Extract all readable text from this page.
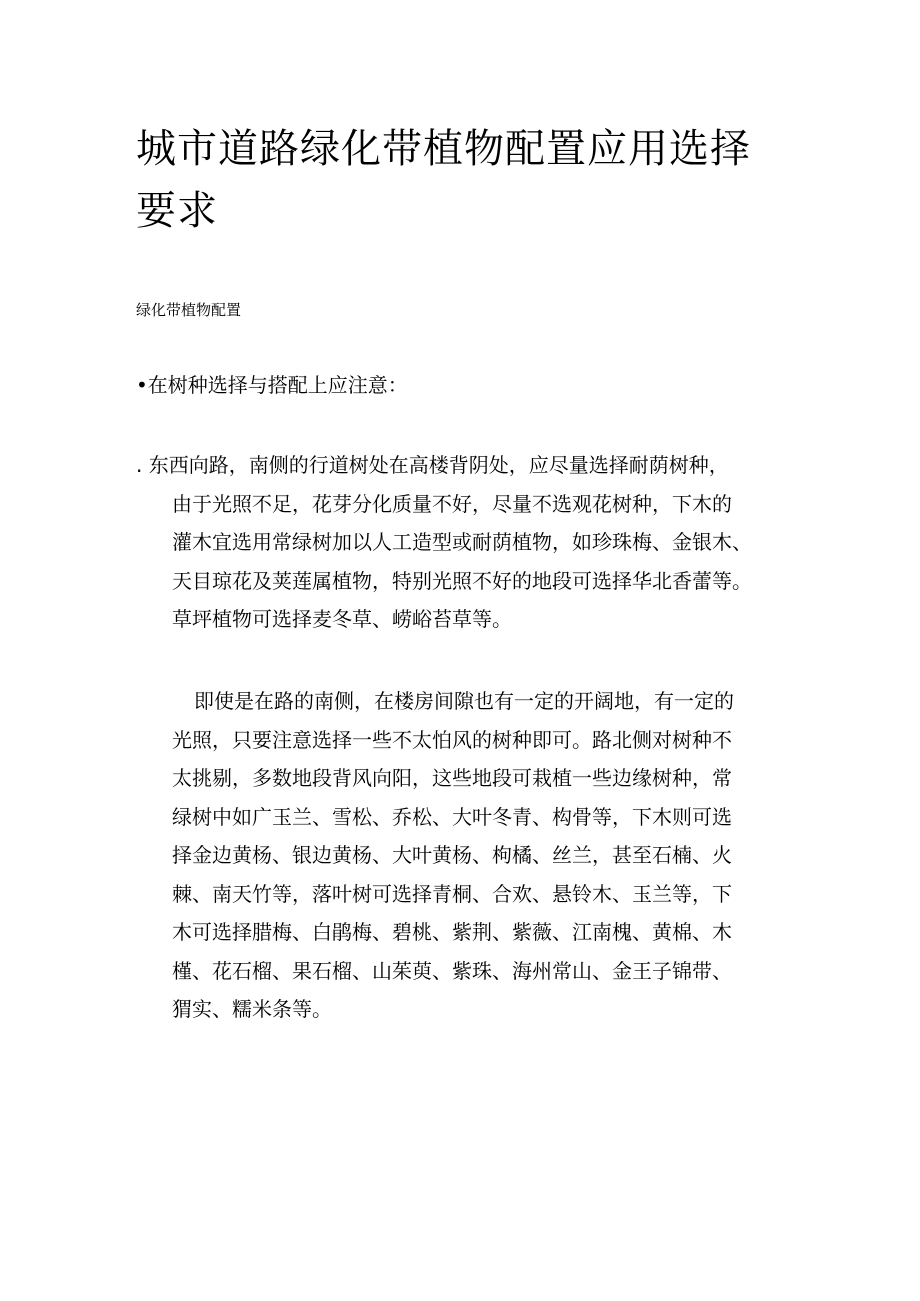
城市道路绿化带植物配置应用选择
要求
绿化带植物配置
•在树种选择与搭配上应注意：

. 东西向路，南侧的行道树处在高楼背阴处，应尽量选择耐荫树种，
由于光照不足，花芽分化质量不好，尽量不选观花树种，下木的
灌木宜选用常绿树加以人工造型或耐荫植物，如珍珠梅、金银木、
天目琼花及荚莲属植物，特别光照不好的地段可选择华北香蕾等。
草坪植物可选择麦冬草、崂峪苔草等。

即使是在路的南侧，在楼房间隙也有一定的开阔地，有一定的
光照，只要注意选择一些不太怕风的树种即可。路北侧对树种不
太挑剔，多数地段背风向阳，这些地段可栽植一些边缘树种，常
绿树中如广玉兰、雪松、乔松、大叶冬青、构骨等，下木则可选
择金边黄杨、银边黄杨、大叶黄杨、枸橘、丝兰，甚至石楠、火
棘、南天竹等，落叶树可选择青桐、合欢、悬铃木、玉兰等，下
木可选择腊梅、白鹃梅、碧桃、紫荆、紫薇、江南槐、黄棉、木
槿、花石榴、果石榴、山茱萸、紫珠、海州常山、金王子锦带、
猬实、糯米条等。
